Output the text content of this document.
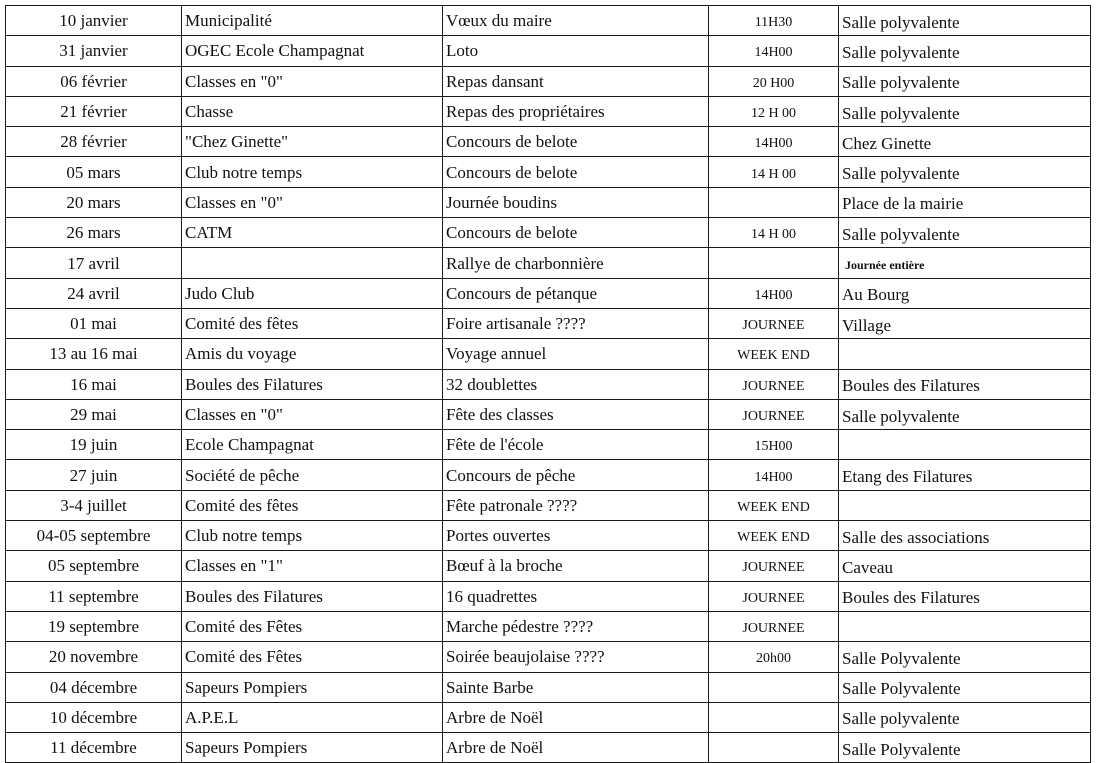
10 janvier	Municipalité	Vœux du maire	11H30	Salle polyvalente
31 janvier	OGEC Ecole Champagnat	Loto	14H00	Salle polyvalente
06 février	Classes en "0"	Repas dansant	20 H00	Salle polyvalente
21 février	Chasse	Repas des propriétaires	12 H 00	Salle polyvalente
28 février	"Chez Ginette"	Concours de belote	14H00	Chez Ginette
05 mars	Club notre temps	Concours de belote	14 H 00	Salle polyvalente
20 mars	Classes en "0"	Journée boudins		Place de la mairie
26 mars	CATM	Concours de belote	14 H 00	Salle polyvalente
17 avril		Rallye de charbonnière		Journée entière
24 avril	Judo Club	Concours de pétanque	14H00	Au Bourg
01 mai	Comité des fêtes	Foire artisanale ????	JOURNEE	Village
13 au 16 mai	Amis du voyage	Voyage annuel	WEEK END	
16 mai	Boules des Filatures	32 doublettes	JOURNEE	Boules des Filatures
29 mai	Classes en "0"	Fête des classes	JOURNEE	Salle polyvalente
19 juin	Ecole Champagnat	Fête de l'école	15H00	
27 juin	Société de pêche	Concours de pêche	14H00	Etang des Filatures
3-4 juillet	Comité des fêtes	Fête patronale ????	WEEK END	
04-05 septembre	Club notre temps	Portes ouvertes	WEEK END	Salle des associations
05 septembre	Classes en "1"	Bœuf à la broche	JOURNEE	Caveau
11 septembre	Boules des Filatures	16 quadrettes	JOURNEE	Boules des Filatures
19 septembre	Comité des Fêtes	Marche pédestre ????	JOURNEE	
20 novembre	Comité des Fêtes	Soirée beaujolaise ????	20h00	Salle Polyvalente
04 décembre	Sapeurs Pompiers	Sainte Barbe		Salle Polyvalente
10 décembre	A.P.E.L	Arbre de Noël		Salle polyvalente
11 décembre	Sapeurs Pompiers	Arbre de Noël		Salle Polyvalente
